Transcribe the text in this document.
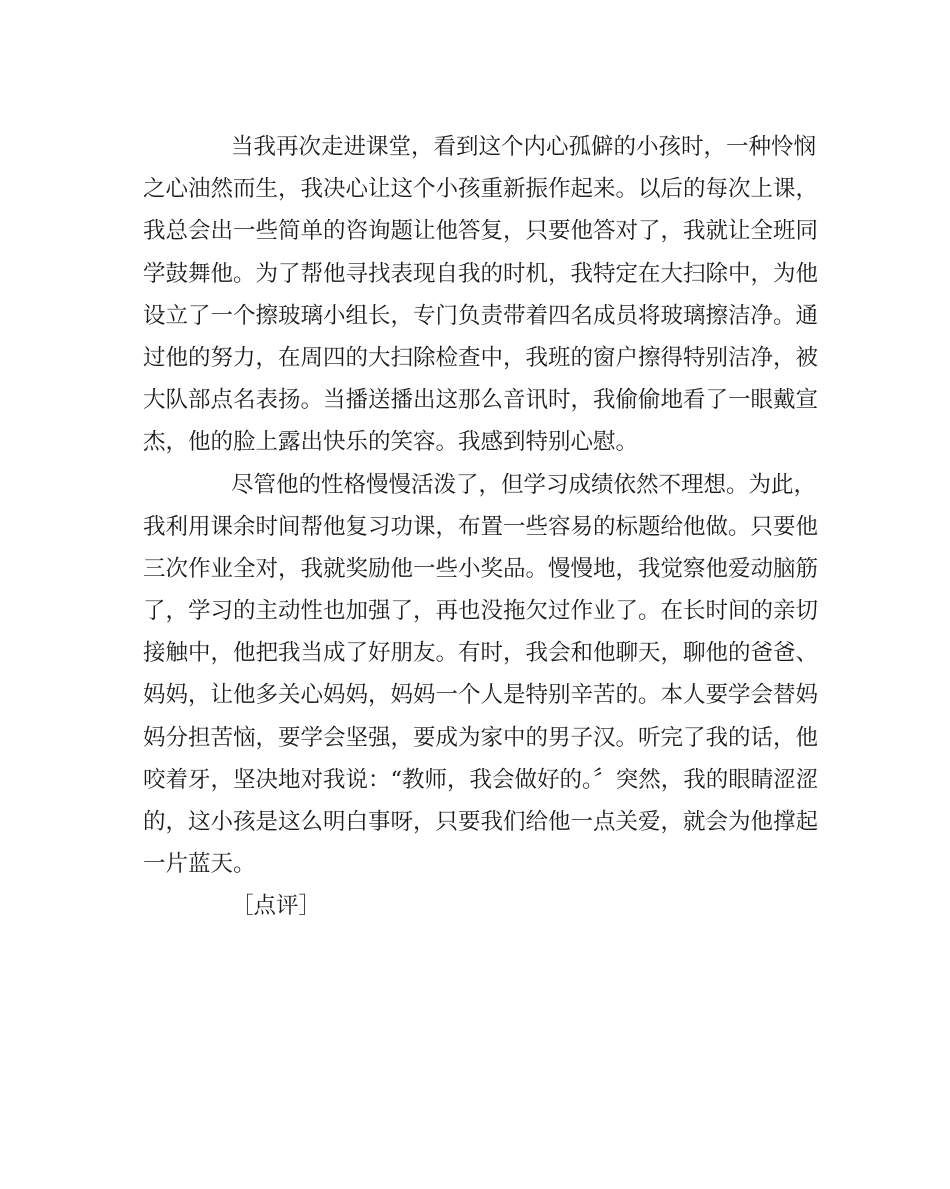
当我再次走进课堂，看到这个内心孤僻的小孩时，一种怜悯
之心油然而生，我决心让这个小孩重新振作起来。以后的每次上课，
我总会出一些简单的咨询题让他答复，只要他答对了，我就让全班同
学鼓舞他。为了帮他寻找表现自我的时机，我特定在大扫除中，为他
设立了一个擦玻璃小组长，专门负责带着四名成员将玻璃擦洁净。通
过他的努力，在周四的大扫除检查中，我班的窗户擦得特别洁净，被
大队部点名表扬。当播送播出这那么音讯时，我偷偷地看了一眼戴宣
杰，他的脸上露出快乐的笑容。我感到特别心慰。
尽管他的性格慢慢活泼了，但学习成绩依然不理想。为此，
我利用课余时间帮他复习功课，布置一些容易的标题给他做。只要他
三次作业全对，我就奖励他一些小奖品。慢慢地，我觉察他爱动脑筋
了，学习的主动性也加强了，再也没拖欠过作业了。在长时间的亲切
接触中，他把我当成了好朋友。有时，我会和他聊天，聊他的爸爸、
妈妈，让他多关心妈妈，妈妈一个人是特别辛苦的。本人要学会替妈
妈分担苦恼，要学会坚强，要成为家中的男子汉。听完了我的话，他
咬着牙，坚决地对我说：“教师，我会做好的。〞突然，我的眼睛涩涩
的，这小孩是这么明白事呀，只要我们给他一点关爱，就会为他撑起
一片蓝天。
［点评］
